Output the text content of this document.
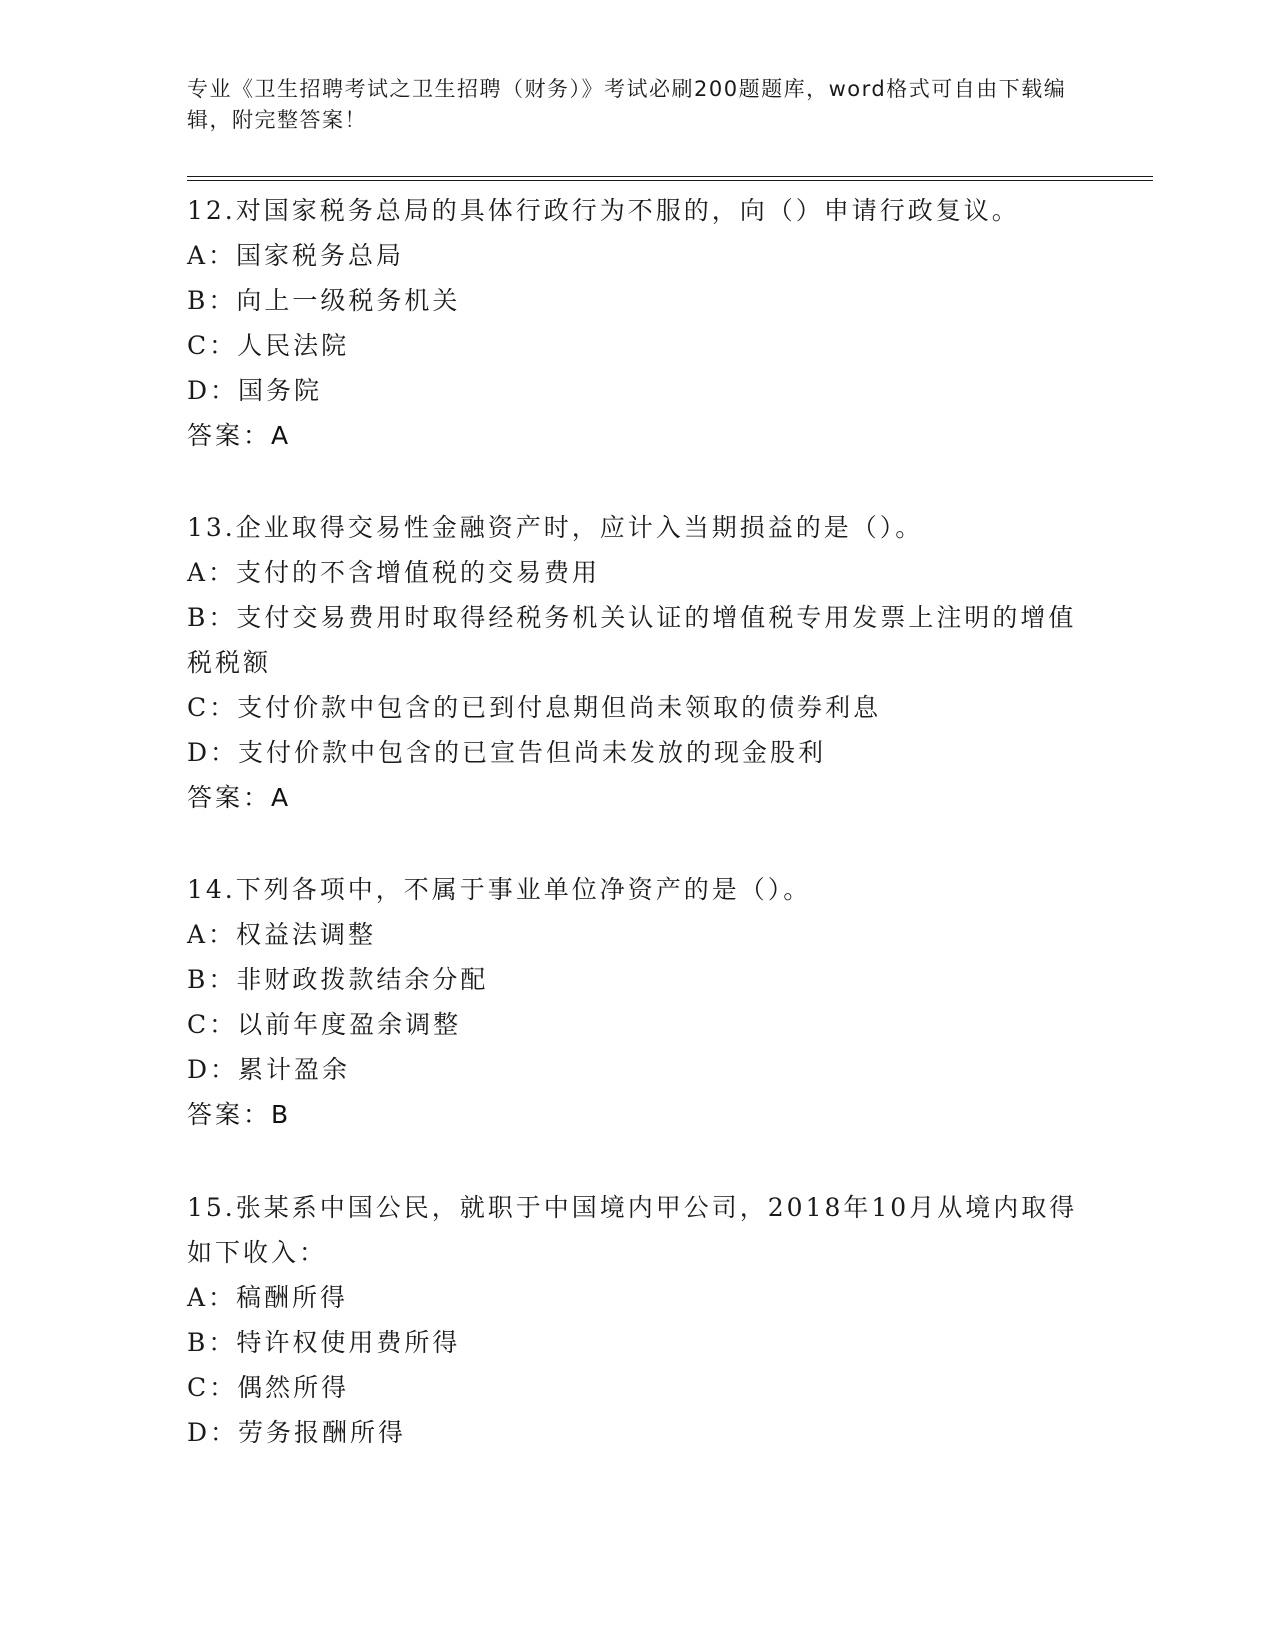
专业《卫生招聘考试之卫生招聘（财务）》考试必刷200题题库，word格式可自由下载编辑，附完整答案！

12.对国家税务总局的具体行政行为不服的，向（）申请行政复议。

A：国家税务总局

B：向上一级税务机关

C：人民法院

D：国务院

答案：A

13.企业取得交易性金融资产时，应计入当期损益的是（）。

A：支付的不含增值税的交易费用

B：支付交易费用时取得经税务机关认证的增值税专用发票上注明的增值税税额

C：支付价款中包含的已到付息期但尚未领取的债券利息

D：支付价款中包含的已宣告但尚未发放的现金股利

答案：A

14.下列各项中，不属于事业单位净资产的是（）。

A：权益法调整

B：非财政拨款结余分配

C：以前年度盈余调整

D：累计盈余

答案：B

15.张某系中国公民，就职于中国境内甲公司，2018年10月从境内取得如下收入：

A：稿酬所得

B：特许权使用费所得

C：偶然所得

D：劳务报酬所得
